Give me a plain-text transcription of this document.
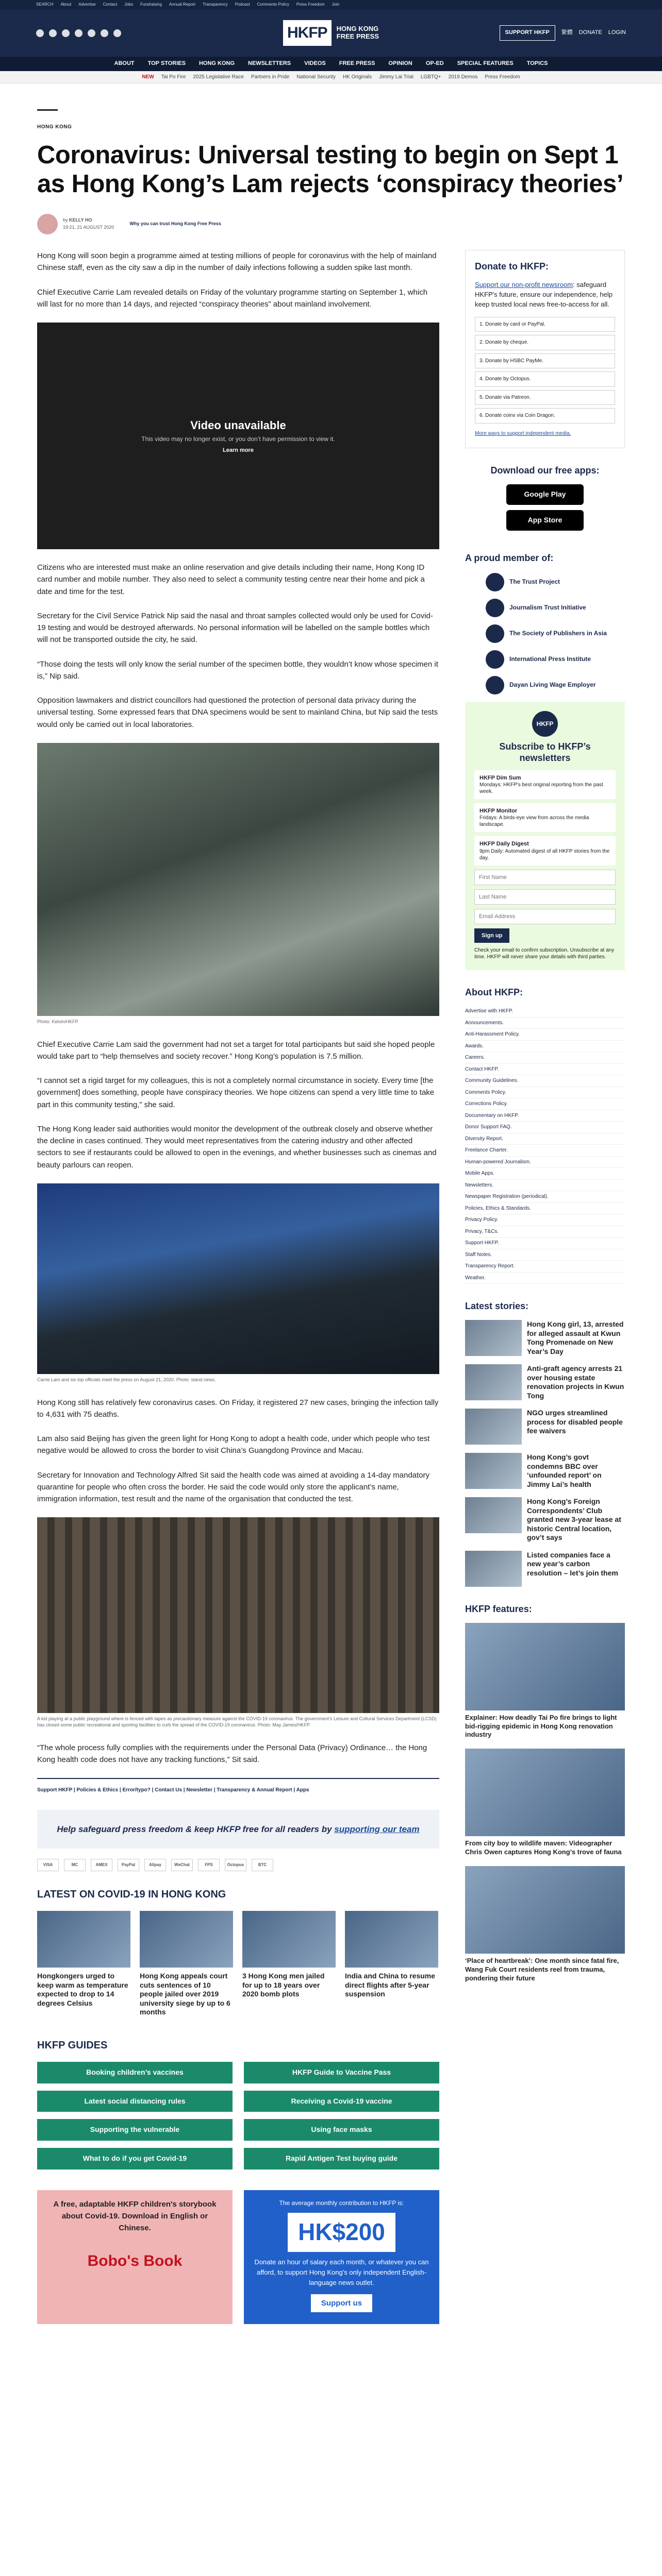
SEARCH About Advertise Contact Jobs Fundraising Annual Report Transparency Podcast Comments Policy Press Freedom Join
HKFP	HONG KONG
FREE PRESS	SUPPORT HKFP	繁體 DONATE LOGIN
ABOUT TOP STORIES HONG KONG NEWSLETTERS VIDEOS FREE PRESS OPINION OP-ED SPECIAL FEATURES TOPICS
NEW Tai Po Fire 2025 Legislative Race Partners in Pride National Security HK Originals Jimmy Lai Trial LGBTQ+ 2019 Demos Press Freedom
HONG KONG
Coronavirus: Universal testing to begin on Sept 1 as Hong Kong’s Lam rejects ‘conspiracy theories’
by KELLY HO
19:21, 21 AUGUST 2020
Why you can trust Hong Kong Free Press

Hong Kong will soon begin a programme aimed at testing millions of people for coronavirus with the help of mainland Chinese staff, even as the city saw a dip in the number of daily infections following a sudden spike last month.

Chief Executive Carrie Lam revealed details on Friday of the voluntary programme starting on September 1, which will last for no more than 14 days, and rejected “conspiracy theories” about mainland involvement.

Video unavailable
This video may no longer exist, or you don’t have permission to view it.
Learn more

Citizens who are interested must make an online reservation and give details including their name, Hong Kong ID card number and mobile number. They also need to select a community testing centre near their home and pick a date and time for the test.

Secretary for the Civil Service Patrick Nip said the nasal and throat samples collected would only be used for Covid-19 testing and would be destroyed afterwards. No personal information will be labelled on the sample bottles which will not be transported outside the city, he said.

“Those doing the tests will only know the serial number of the specimen bottle, they wouldn’t know whose specimen it is,” Nip said.

Opposition lawmakers and district councillors had questioned the protection of personal data privacy during the universal testing. Some expressed fears that DNA specimens would be sent to mainland China, but Nip said the tests would only be carried out in local laboratories.

Photo: Kelvin/HKFP.

Chief Executive Carrie Lam said the government had not set a target for total participants but said she hoped people would take part to “help themselves and society recover.” Hong Kong’s population is 7.5 million.

“I cannot set a rigid target for my colleagues, this is not a completely normal circumstance in society. Every time [the government] does something, people have conspiracy theories. We hope citizens can spend a very little time to take part in this community testing,” she said.

The Hong Kong leader said authorities would monitor the development of the outbreak closely and observe whether the decline in cases continued. They would meet representatives from the catering industry and other affected sectors to see if restaurants could be allowed to open in the evenings, and whether businesses such as cinemas and beauty parlours can reopen.

Carrie Lam and six top officials meet the press on August 21, 2020. Photo: stand.news.

Hong Kong still has relatively few coronavirus cases. On Friday, it registered 27 new cases, bringing the infection tally to 4,631 with 75 deaths.

Lam also said Beijing has given the green light for Hong Kong to adopt a health code, under which people who test negative would be allowed to cross the border to visit China’s Guangdong Province and Macau.

Secretary for Innovation and Technology Alfred Sit said the health code was aimed at avoiding a 14-day mandatory quarantine for people who often cross the border. He said the code would only store the applicant’s name, immigration information, test result and the name of the organisation that conducted the test.

A kid playing at a public playground where is fenced with tapes as precautionary measure against the COVID-19 coronavirus. The government’s Leisure and Cultural Services Department (LCSD) has closed some public recreational and sporting facilities to curb the spread of the COVID-19 coronavirus. Photo: May James/HKFP.

“The whole process fully complies with the requirements under the Personal Data (Privacy) Ordinance… the Hong Kong health code does not have any tracking functions,” Sit said.

Support HKFP | Policies & Ethics | Error/typo? | Contact Us | Newsletter | Transparency & Annual Report | Apps
Help safeguard press freedom & keep HKFP free for all readers by supporting our team
VISA	MC	AMEX	PayPal	Alipay	WeChat	FPS	Octopus	BTC
LATEST ON COVID-19 IN HONG KONG
Hongkongers urged to keep warm as temperature expected to drop to 14 degrees Celsius
Hong Kong appeals court cuts sentences of 10 people jailed over 2019 university siege by up to 6 months
3 Hong Kong men jailed for up to 18 years over 2020 bomb plots
India and China to resume direct flights after 5-year suspension
HKFP GUIDES
Booking children’s vaccines	HKFP Guide to Vaccine Pass
Latest social distancing rules	Receiving a Covid-19 vaccine
Supporting the vulnerable	Using face masks
What to do if you get Covid-19	Rapid Antigen Test buying guide
A free, adaptable HKFP children's storybook about Covid-19. Download in English or Chinese.
Bobo's Book
The average monthly contribution to HKFP is:
HK$200
Donate an hour of salary each month, or whatever you can afford, to support Hong Kong's only independent English-language news outlet.
Support us
Donate to HKFP:
Support our non-profit newsroom: safeguard HKFP's future, ensure our independence, help keep trusted local news free-to-access for all.
1. Donate by card or PayPal.
2. Donate by cheque.
3. Donate by HSBC PayMe.
4. Donate by Octopus.
5. Donate via Patreon.
6. Donate coins via Coin Dragon.
More ways to support independent media.
Download our free apps:
Google Play
App Store
A proud member of:
The Trust Project
Journalism Trust Initiative
The Society of Publishers in Asia
International Press Institute
Dayan Living Wage Employer
HKFP
Subscribe to HKFP’s newsletters
HKFP Dim Sum
Mondays: HKFP's best original reporting from the past week.
HKFP Monitor
Fridays: A birds-eye view from across the media landscape.
HKFP Daily Digest
9pm Daily: Automated digest of all HKFP stories from the day.
First Name
Last Name
Email Address
Sign up
Check your email to confirm subscription. Unsubscribe at any time. HKFP will never share your details with third parties.
About HKFP:
Advertise with HKFP.
Announcements.
Anti-Harassment Policy.
Awards.
Careers.
Contact HKFP.
Community Guidelines.
Comments Policy.
Corrections Policy.
Documentary on HKFP.
Donor Support FAQ.
Diversity Report.
Freelance Charter.
Human-powered Journalism.
Mobile Apps.
Newsletters.
Newspaper Registration (periodical).
Policies, Ethics & Standards.
Privacy Policy.
Privacy, T&Cs.
Support HKFP.
Staff Notes.
Transparency Report.
Weather.
Latest stories:
Hong Kong girl, 13, arrested for alleged assault at Kwun Tong Promenade on New Year’s Day
Anti-graft agency arrests 21 over housing estate renovation projects in Kwun Tong
NGO urges streamlined process for disabled people fee waivers
Hong Kong’s govt condemns BBC over ‘unfounded report’ on Jimmy Lai’s health
Hong Kong’s Foreign Correspondents’ Club granted new 3-year lease at historic Central location, gov’t says
Listed companies face a new year’s carbon resolution – let’s join them
HKFP features:
Explainer: How deadly Tai Po fire brings to light bid-rigging epidemic in Hong Kong renovation industry
From city boy to wildlife maven: Videographer Chris Owen captures Hong Kong’s trove of fauna
‘Place of heartbreak’: One month since fatal fire, Wang Fuk Court residents reel from trauma, pondering their future
